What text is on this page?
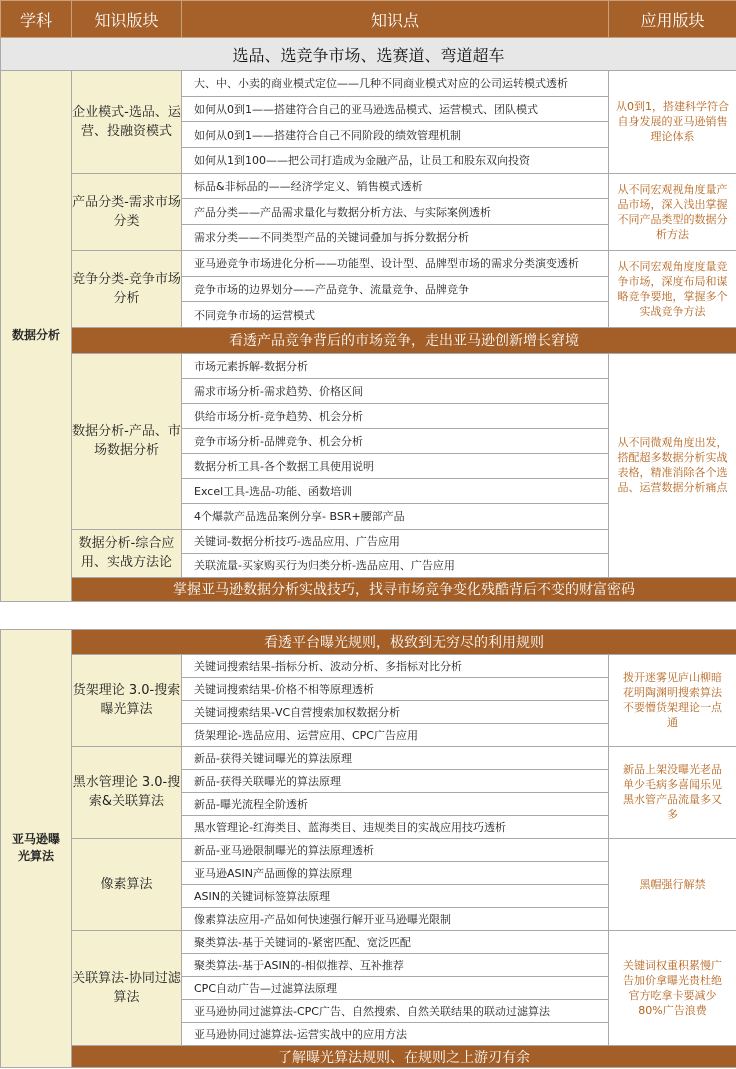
学科	知识版块	知识点	应用版块
选品、选竞争市场、选赛道、弯道超车			
数据分析	企业模式-选品、运营、投融资模式	大、中、小卖的商业模式定位——几种不同商业模式对应的公司运转模式透析	从0到1，搭建科学符合自身发展的亚马逊销售理论体系
		如何从0到1——搭建符合自己的亚马逊选品模式、运营模式、团队模式	
		如何从0到1——搭建符合自己不同阶段的绩效管理机制	
		如何从1到100——把公司打造成为金融产品，让员工和股东双向投资	
	产品分类-需求市场分类	标品&非标品的——经济学定义、销售模式透析	从不同宏观视角度量产品市场，深入浅出掌握不同产品类型的数据分析方法
		产品分类——产品需求量化与数据分析方法、与实际案例透析	
		需求分类——不同类型产品的关键词叠加与拆分数据分析	
	竞争分类-竞争市场分析	亚马逊竞争市场进化分析——功能型、设计型、品牌型市场的需求分类演变透析	从不同宏观角度度量竞争市场，深度布局和谋略竞争要地，掌握多个实战竞争方法
		竞争市场的边界划分——产品竞争、流量竞争、品牌竞争	
		不同竞争市场的运营模式	
	看透产品竞争背后的市场竞争，走出亚马逊创新增长窘境		
	数据分析-产品、市场数据分析	市场元素拆解-数据分析	从不同微观角度出发，搭配超多数据分析实战表格，精准消除各个选品、运营数据分析痛点
		需求市场分析-需求趋势、价格区间	
		供给市场分析-竞争趋势、机会分析	
		竞争市场分析-品牌竞争、机会分析	
		数据分析工具-各个数据工具使用说明	
		Excel工具-选品-功能、函数培训	
		4个爆款产品选品案例分享- BSR+腰部产品	
	数据分析-综合应用、实战方法论	关键词-数据分析技巧-选品应用、广告应用	
		关联流量-买家购买行为归类分析-选品应用、广告应用	
	掌握亚马逊数据分析实战技巧，找寻市场竞争变化残酷背后不变的财富密码		

亚马逊曝光算法	看透平台曝光规则，极致到无穷尽的利用规则		
	货架理论 3.0-搜索曝光算法	关键词搜索结果-指标分析、波动分析、多指标对比分析	拨开迷雾见庐山柳暗花明陶渊明搜索算法不要懵货架理论一点通
		关键词搜索结果-价格不相等原理透析	
		关键词搜索结果-VC自营搜索加权数据分析	
		货架理论-选品应用、运营应用、CPC广告应用	
	黑水管理论 3.0-搜索&关联算法	新品-获得关键词曝光的算法原理	新品上架没曝光老品单少毛病多喜闻乐见黑水管产品流量多又多
		新品-获得关联曝光的算法原理	
		新品-曝光流程全阶透析	
		黑水管理论-红海类目、蓝海类目、违规类目的实战应用技巧透析	
	像素算法	新品-亚马逊限制曝光的算法原理透析	黑帽强行解禁
		亚马逊ASIN产品画像的算法原理	
		ASIN的关键词标签算法原理	
		像素算法应用-产品如何快速强行解开亚马逊曝光限制	
	关联算法-协同过滤算法	聚类算法-基于关键词的-紧密匹配、宽泛匹配	关键词权重积累慢广告加价拿曝光贵杜绝官方吃拿卡要减少 80%广告浪费
		聚类算法-基于ASIN的-相似推荐、互补推荐	
		CPC自动广告—过滤算法原理	
		亚马逊协同过滤算法-CPC广告、自然搜索、自然关联结果的联动过滤算法	
		亚马逊协同过滤算法-运营实战中的应用方法	
	了解曝光算法规则、在规则之上游刃有余		
